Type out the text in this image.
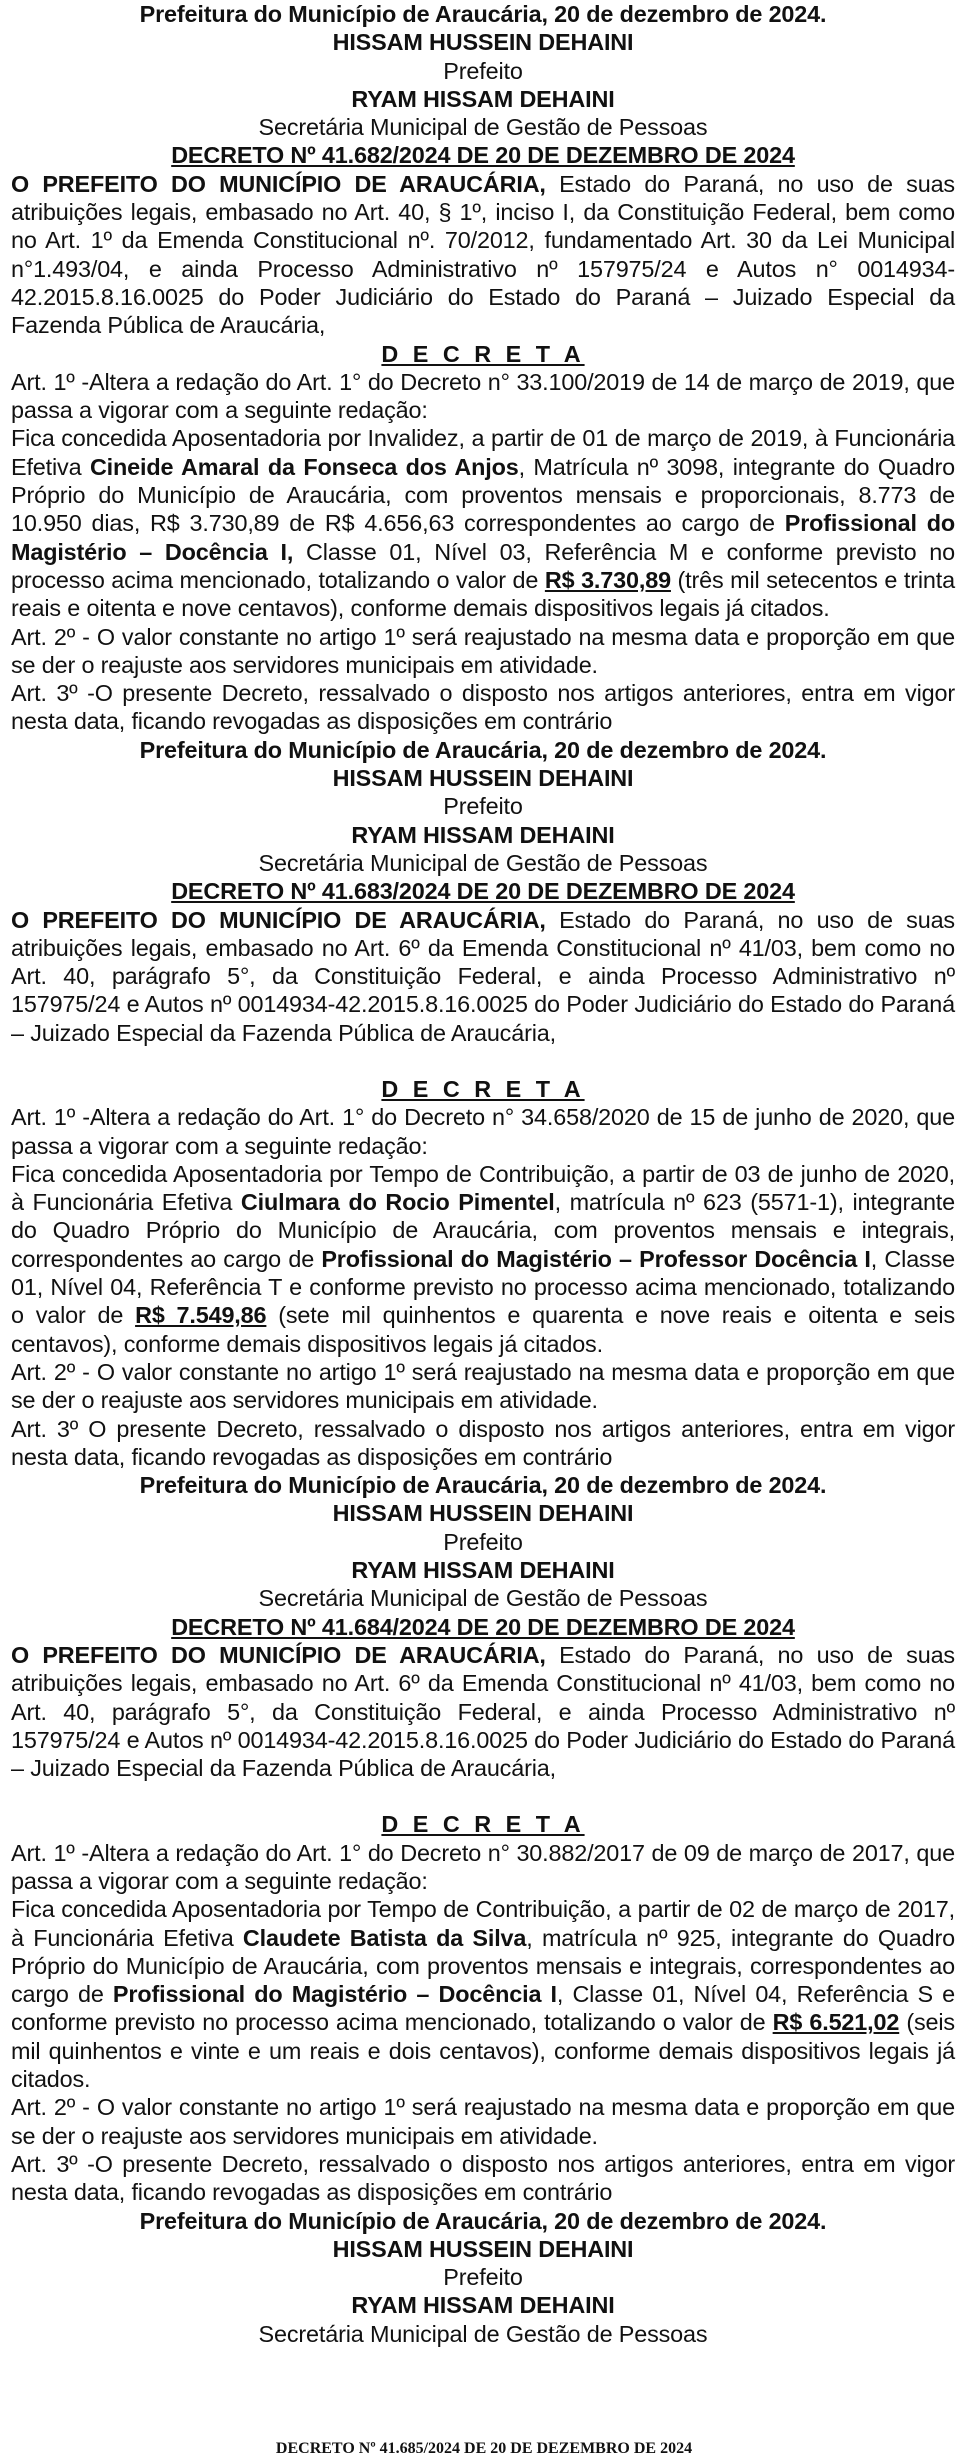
Prefeitura do Município de Araucária, 20 de dezembro de 2024.

HISSAM HUSSEIN DEHAINI

Prefeito

RYAM HISSAM DEHAINI

Secretária Municipal de Gestão de Pessoas

DECRETO Nº 41.682/2024 DE 20 DE DEZEMBRO DE 2024

O PREFEITO DO MUNICÍPIO DE ARAUCÁRIA, Estado do Paraná, no uso de suas atribuições legais, embasado no Art. 40, § 1º, inciso I, da Constituição Federal, bem como no Art. 1º da Emenda Constitucional nº. 70/2012, fundamentado Art. 30 da Lei Municipal n°1.493/04, e ainda Processo Administrativo nº 157975/24 e Autos n° 0014934-42.2015.8.16.0025 do Poder Judiciário do Estado do Paraná – Juizado Especial da Fazenda Pública de Araucária,

D E C R E T A

Art. 1º -Altera a redação do Art. 1° do Decreto n° 33.100/2019 de 14 de março de 2019, que passa a vigorar com a seguinte redação:

Fica concedida Aposentadoria por Invalidez, a partir de 01 de março de 2019, à Funcionária Efetiva Cineide Amaral da Fonseca dos Anjos, Matrícula nº 3098, integrante do Quadro Próprio do Município de Araucária, com proventos mensais e proporcionais, 8.773 de 10.950 dias, R$ 3.730,89 de R$ 4.656,63 correspondentes ao cargo de Profissional do Magistério – Docência I, Classe 01, Nível 03, Referência M e conforme previsto no processo acima mencionado, totalizando o valor de R$ 3.730,89 (três mil setecentos e trinta reais e oitenta e nove centavos), conforme demais dispositivos legais já citados.

Art. 2º - O valor constante no artigo 1º será reajustado na mesma data e proporção em que se der o reajuste aos servidores municipais em atividade.

Art. 3º -O presente Decreto, ressalvado o disposto nos artigos anteriores, entra em vigor nesta data, ficando revogadas as disposições em contrário

Prefeitura do Município de Araucária, 20 de dezembro de 2024.

HISSAM HUSSEIN DEHAINI

Prefeito

RYAM HISSAM DEHAINI

Secretária Municipal de Gestão de Pessoas

DECRETO Nº 41.683/2024 DE 20 DE DEZEMBRO DE 2024

O PREFEITO DO MUNICÍPIO DE ARAUCÁRIA, Estado do Paraná, no uso de suas atribuições legais, embasado no Art. 6º da Emenda Constitucional nº 41/03, bem como no Art. 40, parágrafo 5°, da Constituição Federal, e ainda Processo Administrativo nº 157975/24 e Autos nº 0014934-42.2015.8.16.0025 do Poder Judiciário do Estado do Paraná – Juizado Especial da Fazenda Pública de Araucária,

D E C R E T A

Art. 1º -Altera a redação do Art. 1° do Decreto n° 34.658/2020 de 15 de junho de 2020, que passa a vigorar com a seguinte redação:

Fica concedida Aposentadoria por Tempo de Contribuição, a partir de 03 de junho de 2020, à Funcionária Efetiva Ciulmara do Rocio Pimentel, matrícula nº 623 (5571-1), integrante do Quadro Próprio do Município de Araucária, com proventos mensais e integrais, correspondentes ao cargo de Profissional do Magistério – Professor Docência I, Classe 01, Nível 04, Referência T e conforme previsto no processo acima mencionado, totalizando o valor de R$ 7.549,86 (sete mil quinhentos e quarenta e nove reais e oitenta e seis centavos), conforme demais dispositivos legais já citados.

Art. 2º - O valor constante no artigo 1º será reajustado na mesma data e proporção em que se der o reajuste aos servidores municipais em atividade.

Art. 3º O presente Decreto, ressalvado o disposto nos artigos anteriores, entra em vigor nesta data, ficando revogadas as disposições em contrário

Prefeitura do Município de Araucária, 20 de dezembro de 2024.

HISSAM HUSSEIN DEHAINI

Prefeito

RYAM HISSAM DEHAINI

Secretária Municipal de Gestão de Pessoas

DECRETO Nº 41.684/2024 DE 20 DE DEZEMBRO DE 2024

O PREFEITO DO MUNICÍPIO DE ARAUCÁRIA, Estado do Paraná, no uso de suas atribuições legais, embasado no Art. 6º da Emenda Constitucional nº 41/03, bem como no Art. 40, parágrafo 5°, da Constituição Federal, e ainda Processo Administrativo nº 157975/24 e Autos nº 0014934-42.2015.8.16.0025 do Poder Judiciário do Estado do Paraná – Juizado Especial da Fazenda Pública de Araucária,

D E C R E T A

Art. 1º -Altera a redação do Art. 1° do Decreto n° 30.882/2017 de 09 de março de 2017, que passa a vigorar com a seguinte redação:

Fica concedida Aposentadoria por Tempo de Contribuição, a partir de 02 de março de 2017, à Funcionária Efetiva Claudete Batista da Silva, matrícula nº 925, integrante do Quadro Próprio do Município de Araucária, com proventos mensais e integrais, correspondentes ao cargo de Profissional do Magistério – Docência I, Classe 01, Nível 04, Referência S e conforme previsto no processo acima mencionado, totalizando o valor de R$ 6.521,02 (seis mil quinhentos e vinte e um reais e dois centavos), conforme demais dispositivos legais já citados.

Art. 2º - O valor constante no artigo 1º será reajustado na mesma data e proporção em que se der o reajuste aos servidores municipais em atividade.

Art. 3º -O presente Decreto, ressalvado o disposto nos artigos anteriores, entra em vigor nesta data, ficando revogadas as disposições em contrário

Prefeitura do Município de Araucária, 20 de dezembro de 2024.

HISSAM HUSSEIN DEHAINI

Prefeito

RYAM HISSAM DEHAINI

Secretária Municipal de Gestão de Pessoas

DECRETO Nº 41.685/2024 DE 20 DE DEZEMBRO DE 2024
